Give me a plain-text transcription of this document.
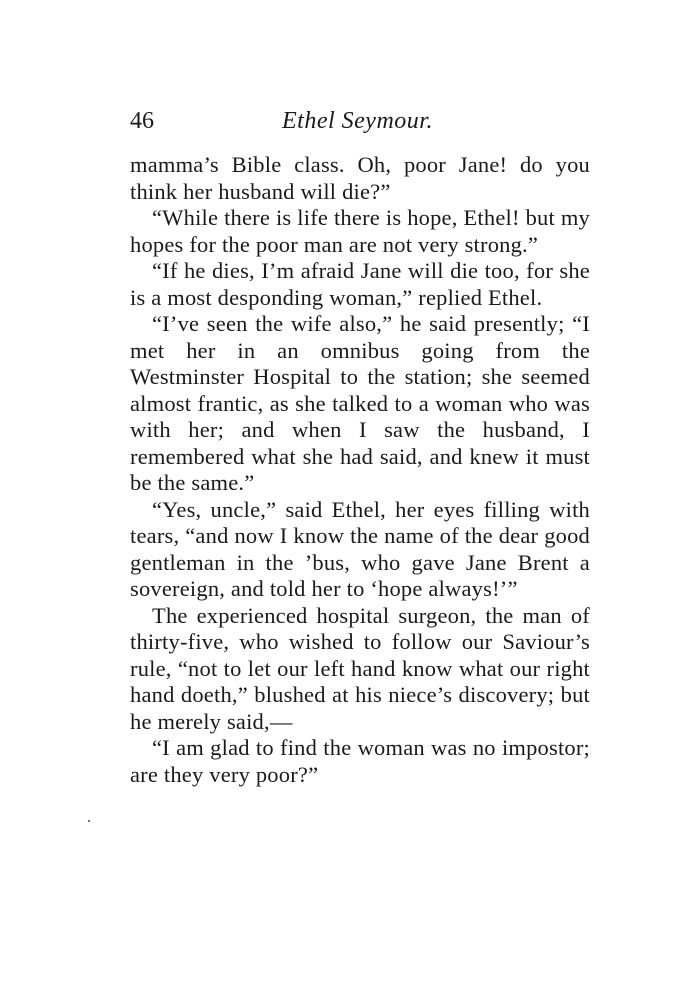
46	Ethel Seymour.

mamma’s Bible class. Oh, poor Jane! do you think her husband will die?”

“While there is life there is hope, Ethel! but my hopes for the poor man are not very strong.”

“If he dies, I’m afraid Jane will die too, for she is a most desponding woman,” replied Ethel.

“I’ve seen the wife also,” he said presently; “I met her in an omnibus going from the Westminster Hospital to the station; she seemed almost frantic, as she talked to a woman who was with her; and when I saw the husband, I remembered what she had said, and knew it must be the same.”

“Yes, uncle,” said Ethel, her eyes filling with tears, “and now I know the name of the dear good gentleman in the ’bus, who gave Jane Brent a sovereign, and told her to ‘hope always!’”

The experienced hospital surgeon, the man of thirty-five, who wished to follow our Saviour’s rule, “not to let our left hand know what our right hand doeth,” blushed at his niece’s discovery; but he merely said,—

“I am glad to find the woman was no impostor; are they very poor?”
